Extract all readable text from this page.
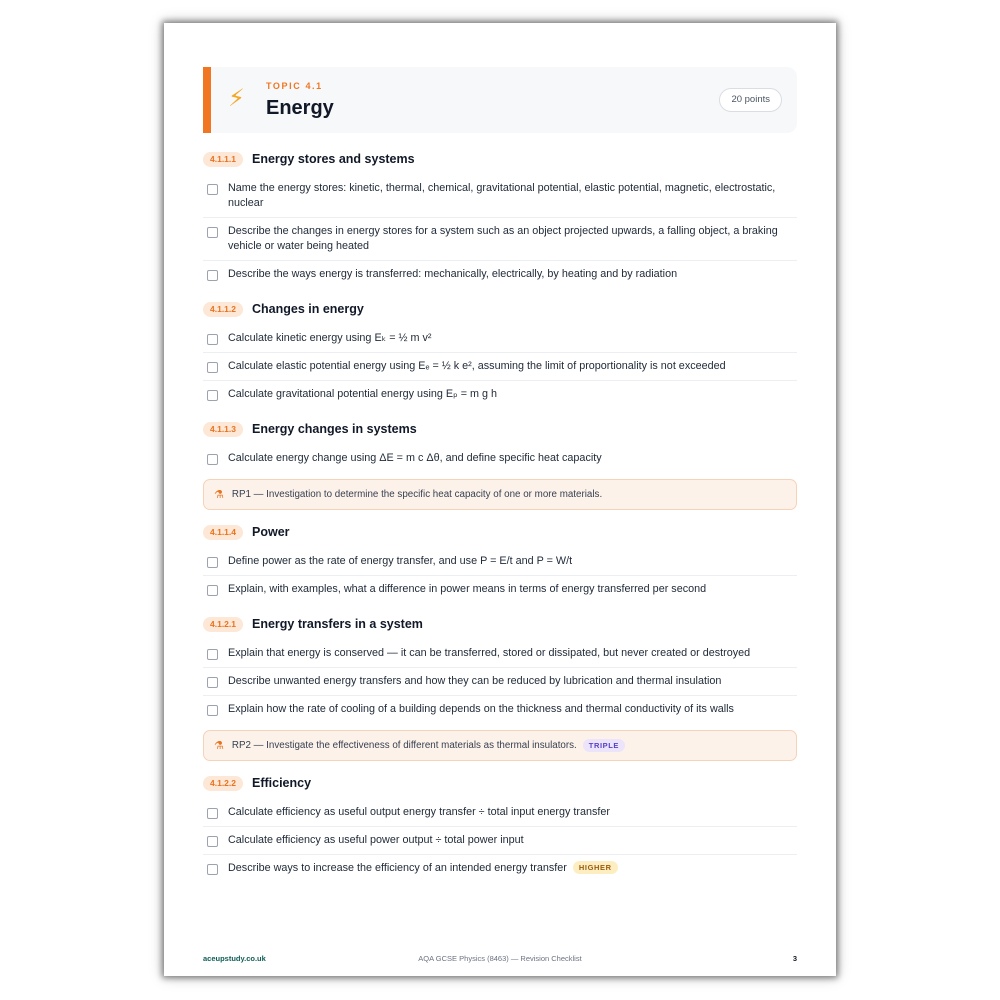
⚡ TOPIC 4.1
Energy	20 points
4.1.1.1	Energy stores and systems
Name the energy stores: kinetic, thermal, chemical, gravitational potential, elastic potential, magnetic, electrostatic, nuclear
Describe the changes in energy stores for a system such as an object projected upwards, a falling object, a braking vehicle or water being heated
Describe the ways energy is transferred: mechanically, electrically, by heating and by radiation
4.1.1.2	Changes in energy
Calculate kinetic energy using Eₖ = ½ m v²
Calculate elastic potential energy using Eₑ = ½ k e², assuming the limit of proportionality is not exceeded
Calculate gravitational potential energy using Eₚ = m g h
4.1.1.3	Energy changes in systems
Calculate energy change using ΔE = m c Δθ, and define specific heat capacity
⚗ RP1 — Investigation to determine the specific heat capacity of one or more materials.
4.1.1.4	Power
Define power as the rate of energy transfer, and use P = E/t and P = W/t
Explain, with examples, what a difference in power means in terms of energy transferred per second
4.1.2.1	Energy transfers in a system
Explain that energy is conserved — it can be transferred, stored or dissipated, but never created or destroyed
Describe unwanted energy transfers and how they can be reduced by lubrication and thermal insulation
Explain how the rate of cooling of a building depends on the thickness and thermal conductivity of its walls
⚗ RP2 — Investigate the effectiveness of different materials as thermal insulators.	TRIPLE
4.1.2.2	Efficiency
Calculate efficiency as useful output energy transfer ÷ total input energy transfer
Calculate efficiency as useful power output ÷ total power input
Describe ways to increase the efficiency of an intended energy transfer HIGHER
aceupstudy.co.uk	AQA GCSE Physics (8463) — Revision Checklist	3
